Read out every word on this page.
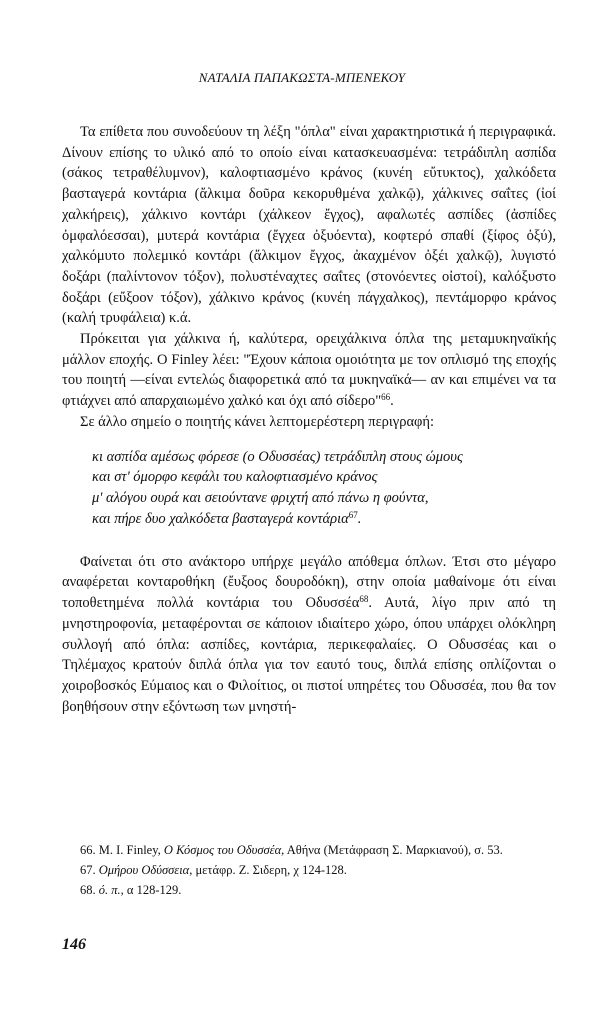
ΝΑΤΑΛΙΑ ΠΑΠΑΚΩΣΤΑ-ΜΠΕΝΕΚΟΥ

Τα επίθετα που συνοδεύουν τη λέξη "όπλα" είναι χαρακτηριστικά ή περιγραφικά. Δίνουν επίσης το υλικό από το οποίο είναι κατασκευασμένα: τετράδιπλη ασπίδα (σάκος τετραθέλυμνον), καλοφτιασμένο κράνος (κυνέη εὔτυκτος), χαλκόδετα βασταγερά κοντάρια (ἄλκιμα δοῦρα κεκορυθμένα χαλκῷ), χάλκινες σαΐτες (ἰοί χαλκήρεις), χάλκινο κοντάρι (χάλκεον ἔγχος), αφαλωτές ασπίδες (ἀσπίδες ὀμφαλόεσσαι), μυτερά κοντάρια (ἔγχεα ὀξυόεντα), κοφτερό σπαθί (ξίφος ὀξύ), χαλκόμυτο πολεμικό κοντάρι (ἄλκιμον ἔγχος, ἀκαχμένον ὀξέι χαλκῷ), λυγιστό δοξάρι (παλίντονον τόξον), πολυστέναχτες σαΐτες (στονόεντες οἰστοί), καλόξυστο δοξάρι (εὔξοον τόξον), χάλκινο κράνος (κυνέη πάγχαλκος), πεντάμορφο κράνος (καλή τρυφάλεια) κ.ά.

Πρόκειται για χάλκινα ή, καλύτερα, ορειχάλκινα όπλα της μεταμυκηναϊκής μάλλον εποχής. Ο Finley λέει: "Έχουν κάποια ομοιότητα με τον οπλισμό της εποχής του ποιητή —είναι εντελώς διαφορετικά από τα μυκηναϊκά— αν και επιμένει να τα φτιάχνει από απαρχαιωμένο χαλκό και όχι από σίδερο"$^{66}$.

Σε άλλο σημείο ο ποιητής κάνει λεπτομερέστερη περιγραφή:

κι ασπίδα αμέσως φόρεσε (ο Οδυσσέας) τετράδιπλη στους ώμους
και στ' όμορφο κεφάλι του καλοφτιασμένο κράνος
μ' αλόγου ουρά και σειούντανε φριχτή από πάνω η φούντα,
και πήρε δυο χαλκόδετα βασταγερά κοντάρια$^{67}$.

Φαίνεται ότι στο ανάκτορο υπήρχε μεγάλο απόθεμα όπλων. Έτσι στο μέγαρο αναφέρεται κονταροθήκη (ἔυξοος δουροδόκη), στην οποία μαθαίνομε ότι είναι τοποθετημένα πολλά κοντάρια του Οδυσσέα$^{68}$. Αυτά, λίγο πριν από τη μνηστηροφονία, μεταφέρονται σε κάποιον ιδιαίτερο χώρο, όπου υπάρχει ολόκληρη συλλογή από όπλα: ασπίδες, κοντάρια, περικεφαλαίες. Ο Οδυσσέας και ο Τηλέμαχος κρατούν διπλά όπλα για τον εαυτό τους, διπλά επίσης οπλίζονται ο χοιροβοσκός Εύμαιος και ο Φιλοίτιος, οι πιστοί υπηρέτες του Οδυσσέα, που θα τον βοηθήσουν στην εξόντωση των μνηστή-

66. M. I. Finley, Ο Κόσμος του Οδυσσέα, Αθήνα (Μετάφραση Σ. Μαρκιανού), σ. 53.
67. Ομήρου Οδύσσεια, μετάφρ. Ζ. Σιδερη, χ 124-128.
68. ό. π., α 128-129.
146
